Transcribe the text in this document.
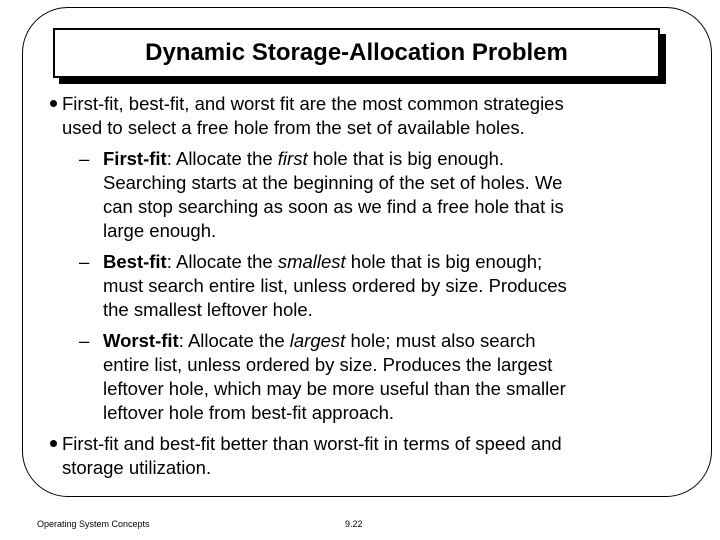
Dynamic Storage-Allocation Problem
First-fit, best-fit, and worst fit are the most common strategies
used to select a free hole from the set of available holes.
– First-fit: Allocate the first hole that is big enough.
Searching starts at the beginning of the set of holes. We
can stop searching as soon as we find a free hole that is
large enough.
– Best-fit: Allocate the smallest hole that is big enough;
must search entire list, unless ordered by size. Produces
the smallest leftover hole.
– Worst-fit: Allocate the largest hole; must also search
entire list, unless ordered by size. Produces the largest
leftover hole, which may be more useful than the smaller
leftover hole from best-fit approach.
First-fit and best-fit better than worst-fit in terms of speed and
storage utilization.
Operating System Concepts	9.22
